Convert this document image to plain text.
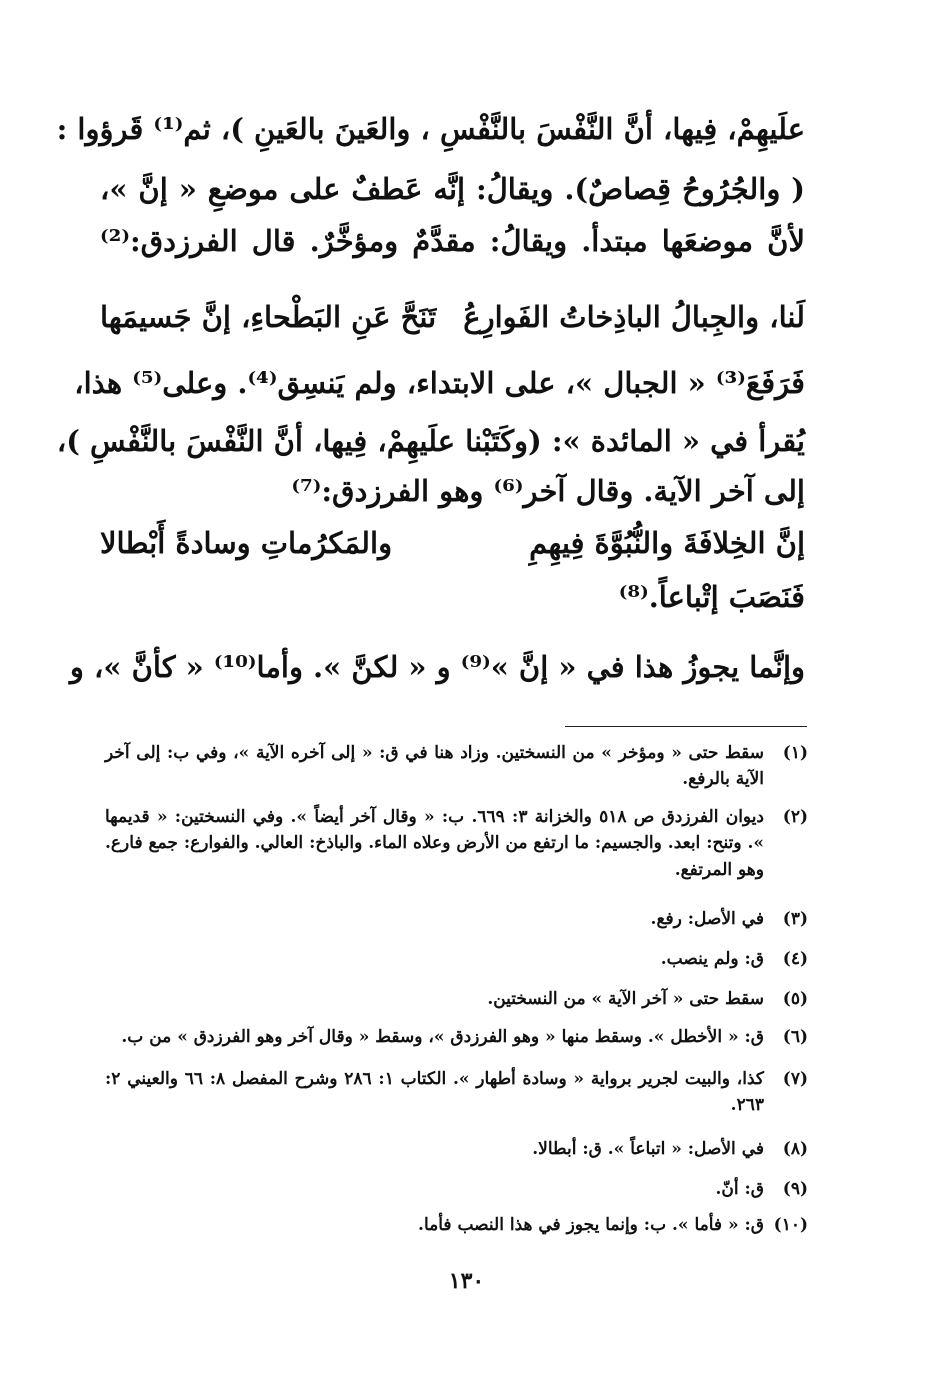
علَيهِمْ، فِيها، أنَّ النَّفْسَ بالنَّفْسِ ، والعَينَ بالعَينِ )، ثم⁽¹⁾ قَرؤوا :
( والجُرُوحُ قِصاصٌ). ويقالُ: إنَّه عَطفٌ على موضعِ « إنَّ »،
لأنَّ موضعَها مبتدأ. ويقالُ: مقدَّمٌ ومؤخَّرٌ. قال الفرزدق:⁽²⁾
لَنا، والجِبالُ الباذِخاتُ الفَوارِعُ
تَنَحَّ عَنِ البَطْحاءِ، إنَّ جَسيمَها
فَرَفَعَ⁽³⁾ « الجبال »، على الابتداء، ولم يَنسِق⁽⁴⁾. وعلى⁽⁵⁾ هذا،
يُقرأ في « المائدة »: (وكَتَبْنا علَيهِمْ، فِيها، أنَّ النَّفْسَ بالنَّفْسِ )،
إلى آخر الآية. وقال آخر⁽⁶⁾ وهو الفرزدق:⁽⁷⁾
إنَّ الخِلافَةَ والنُّبُوَّةَ فِيهِمِ
والمَكرُماتِ وسادةً أَبْطالا
فَنَصَبَ إتْباعاً.⁽⁸⁾
وإنَّما يجوزُ هذا في « إنَّ »⁽⁹⁾ و « لكنَّ ». وأما⁽¹⁰⁾ « كأنَّ »، و
(١)
سقط حتى « ومؤخر » من النسختين. وزاد هنا في ق: « إلى آخره الآية »، وفي ب: إلى آخر الآية بالرفع.
(٢)
ديوان الفرزدق ص ٥١٨ والخزانة ٣: ٦٦٩. ب: « وقال آخر أيضاً ». وفي النسختين: « قديمها ». وتنح: ابعد. والجسيم: ما ارتفع من الأرض وعلاه الماء. والباذخ: العالي. والفوارع: جمع فارع. وهو المرتفع.
(٣)
في الأصل: رفع.
(٤)
ق: ولم ينصب.
(٥)
سقط حتى « آخر الآية » من النسختين.
(٦)
ق: « الأخطل ». وسقط منها « وهو الفرزدق »، وسقط « وقال آخر وهو الفرزدق » من ب.
(٧)
كذا، والبيت لجرير برواية « وسادة أطهار ». الكتاب ١: ٢٨٦ وشرح المفصل ٨: ٦٦ والعيني ٢: ٢٦٣.
(٨)
في الأصل: « اتباعاً ». ق: أبطالا.
(٩)
ق: أنّ.
(١٠)
ق: « فأما ». ب: وإنما يجوز في هذا النصب فأما.
١٣٠
